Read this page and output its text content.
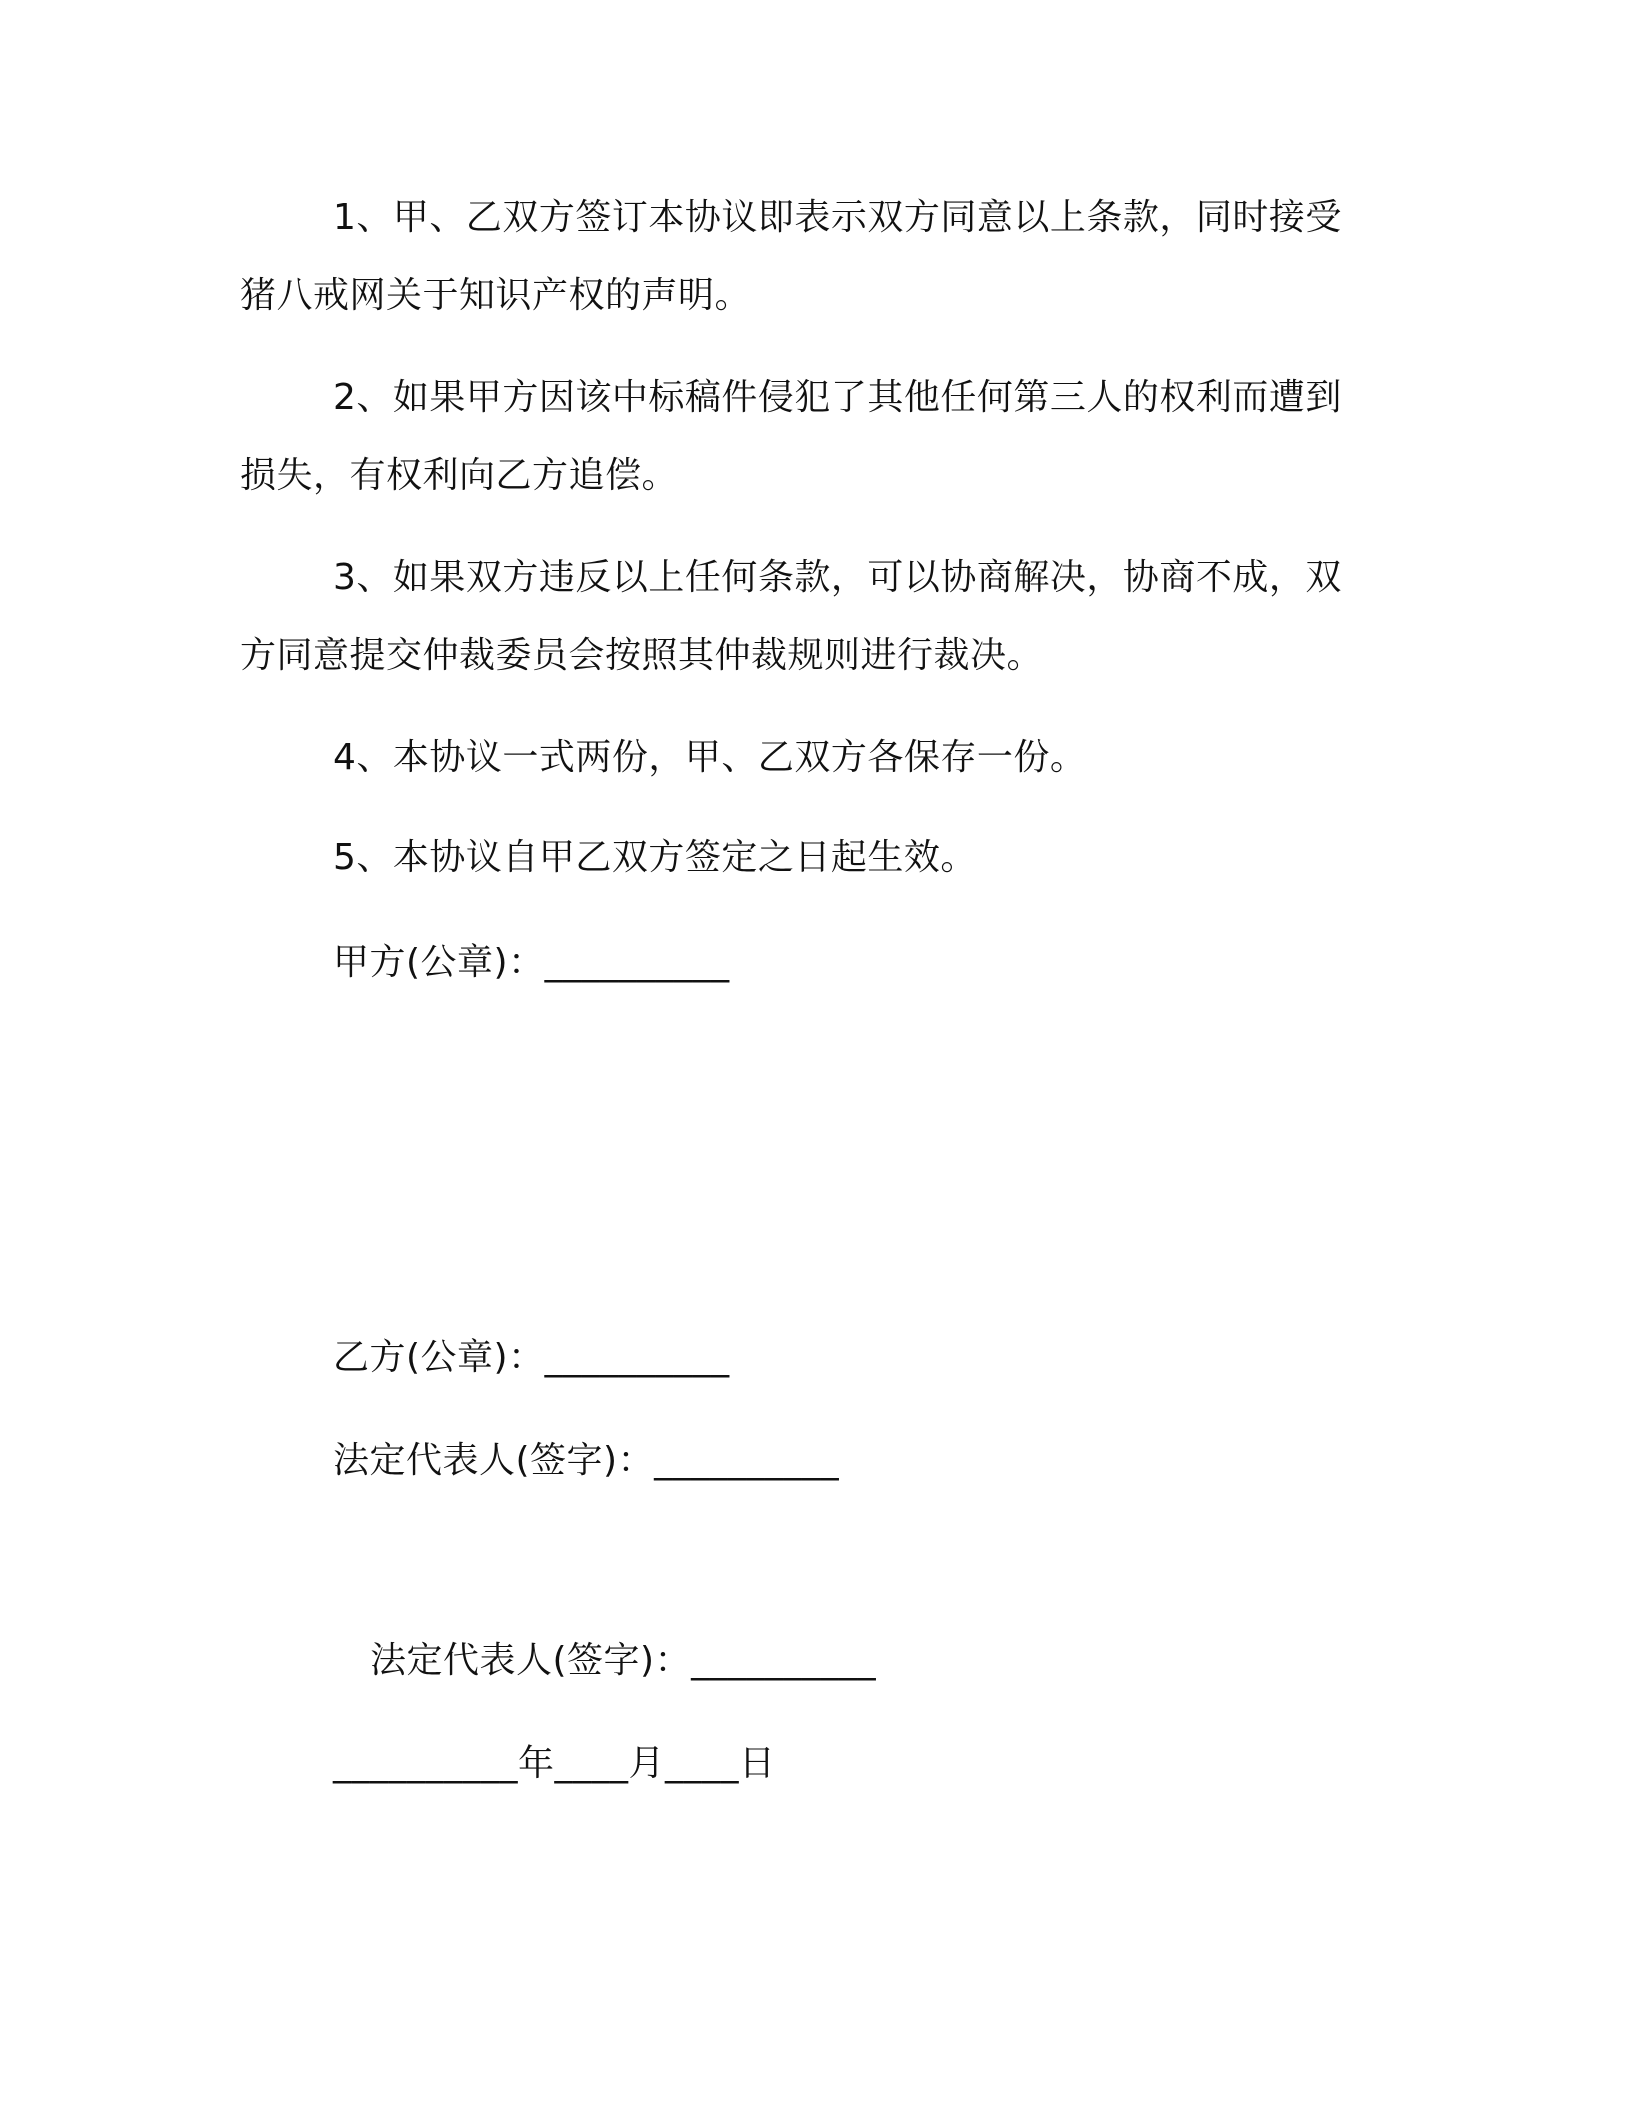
1、甲、乙双方签订本协议即表示双方同意以上条款，同时接受
猪八戒网关于知识产权的声明。
2、如果甲方因该中标稿件侵犯了其他任何第三人的权利而遭到
损失，有权利向乙方追偿。
3、如果双方违反以上任何条款，可以协商解决，协商不成，双
方同意提交仲裁委员会按照其仲裁规则进行裁决。
4、本协议一式两份，甲、乙双方各保存一份。
5、本协议自甲乙双方签定之日起生效。
甲方(公章)：__________
乙方(公章)：__________
法定代表人(签字)：__________
法定代表人(签字)：__________
__________年____月____日
